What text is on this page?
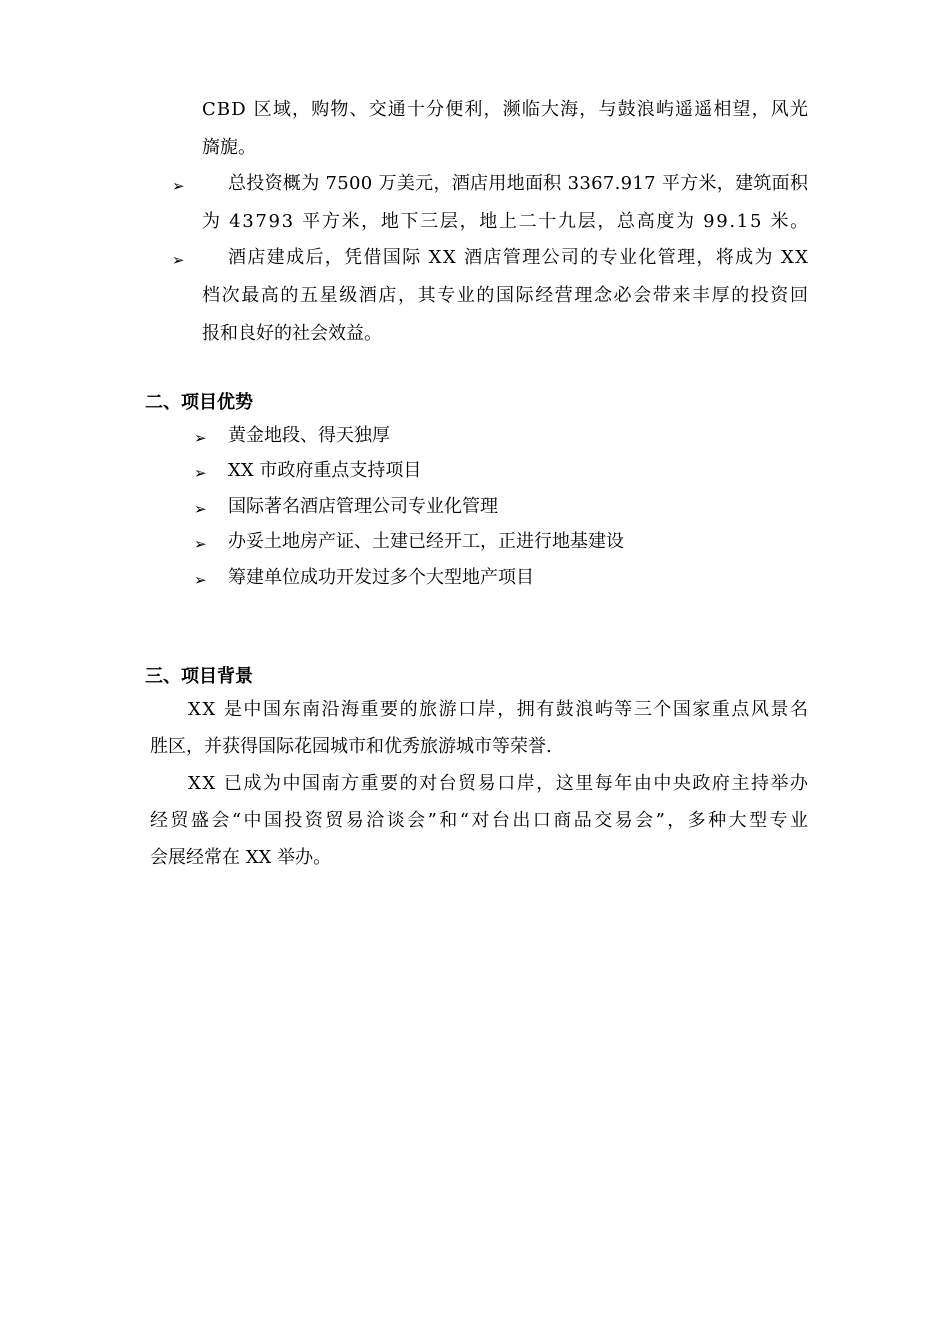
CBD 区域，购物、交通十分便利，濒临大海，与鼓浪屿遥遥相望，风光
旖旎。
➢ 总投资概为 7500 万美元，酒店用地面积 3367.917 平方米，建筑面积
为 43793 平方米，地下三层，地上二十九层，总高度为 99.15 米。
➢ 酒店建成后，凭借国际 XX 酒店管理公司的专业化管理，将成为 XX
档次最高的五星级酒店，其专业的国际经营理念必会带来丰厚的投资回
报和良好的社会效益。
二、项目优势
➢ 黄金地段、得天独厚
➢ XX 市政府重点支持项目
➢ 国际著名酒店管理公司专业化管理
➢ 办妥土地房产证、土建已经开工，正进行地基建设
➢ 筹建单位成功开发过多个大型地产项目
三、项目背景
XX 是中国东南沿海重要的旅游口岸，拥有鼓浪屿等三个国家重点风景名
胜区，并获得国际花园城市和优秀旅游城市等荣誉.
XX 已成为中国南方重要的对台贸易口岸，这里每年由中央政府主持举办
经贸盛会“中国投资贸易洽谈会”和“对台出口商品交易会”，多种大型专业
会展经常在 XX 举办。
